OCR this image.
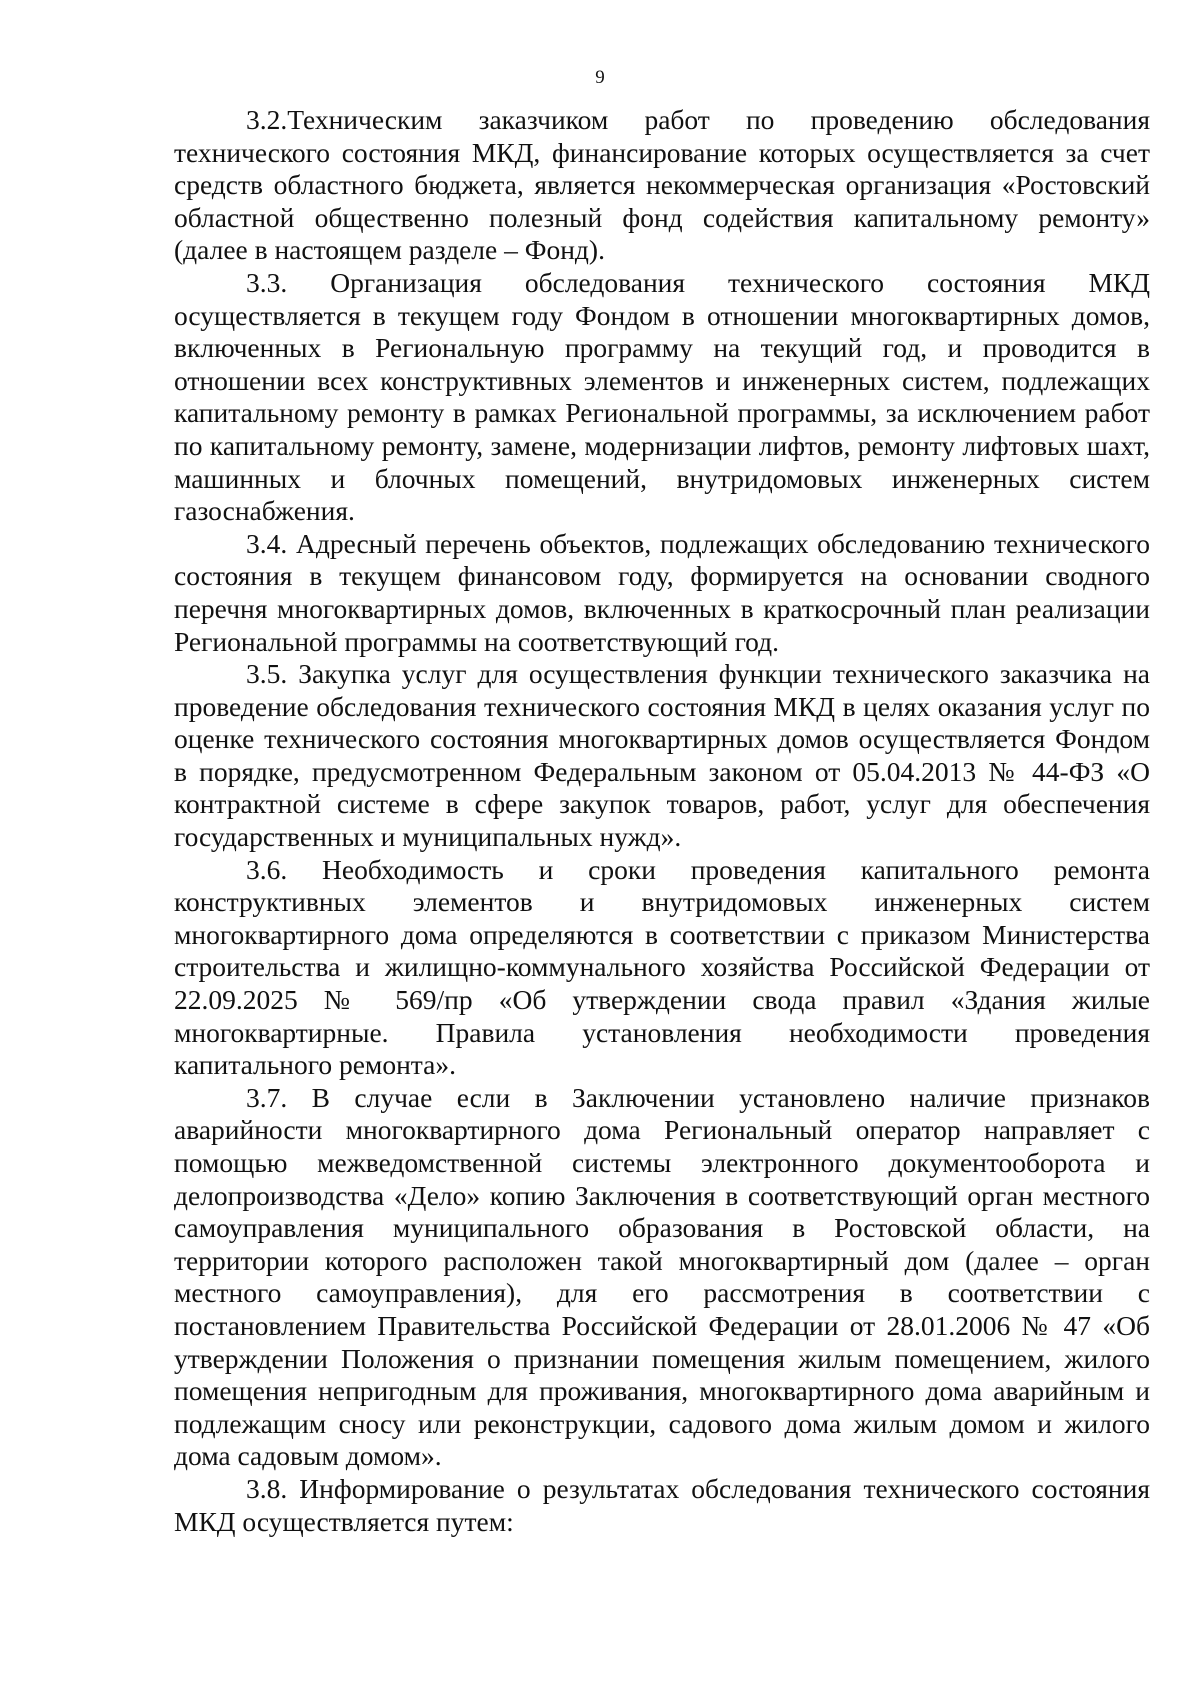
9

3.2.Техническим заказчиком работ по проведению обследования технического состояния МКД, финансирование которых осуществляется за счет средств областного бюджета, является некоммерческая организация «Ростовский областной общественно полезный фонд содействия капитальному ремонту» (далее в настоящем разделе – Фонд).

3.3. Организация обследования технического состояния МКД осуществляется в текущем году Фондом в отношении многоквартирных домов, включенных в Региональную программу на текущий год, и проводится в отношении всех конструктивных элементов и инженерных систем, подлежащих капитальному ремонту в рамках Региональной программы, за исключением работ по капитальному ремонту, замене, модернизации лифтов, ремонту лифтовых шахт, машинных и блочных помещений, внутридомовых инженерных систем газоснабжения.

3.4. Адресный перечень объектов, подлежащих обследованию технического состояния в текущем финансовом году, формируется на основании сводного перечня многоквартирных домов, включенных в краткосрочный план реализации Региональной программы на соответствующий год.

3.5. Закупка услуг для осуществления функции технического заказчика на проведение обследования технического состояния МКД в целях оказания услуг по оценке технического состояния многоквартирных домов осуществляется Фондом в порядке, предусмотренном Федеральным законом от 05.04.2013 № 44-ФЗ «О контрактной системе в сфере закупок товаров, работ, услуг для обеспечения государственных и муниципальных нужд».

3.6. Необходимость и сроки проведения капитального ремонта конструктивных элементов и внутридомовых инженерных систем многоквартирного дома определяются в соответствии с приказом Министерства строительства и жилищно-коммунального хозяйства Российской Федерации от 22.09.2025 № 569/пр «Об утверждении свода правил «Здания жилые многоквартирные. Правила установления необходимости проведения капитального ремонта».

3.7. В случае если в Заключении установлено наличие признаков аварийности многоквартирного дома Региональный оператор направляет с помощью межведомственной системы электронного документооборота и делопроизводства «Дело» копию Заключения в соответствующий орган местного самоуправления муниципального образования в Ростовской области, на территории которого расположен такой многоквартирный дом (далее – орган местного самоуправления), для его рассмотрения в соответствии с постановлением Правительства Российской Федерации от 28.01.2006 № 47 «Об утверждении Положения о признании помещения жилым помещением, жилого помещения непригодным для проживания, многоквартирного дома аварийным и подлежащим сносу или реконструкции, садового дома жилым домом и жилого дома садовым домом».

3.8. Информирование о результатах обследования технического состояния МКД осуществляется путем:
